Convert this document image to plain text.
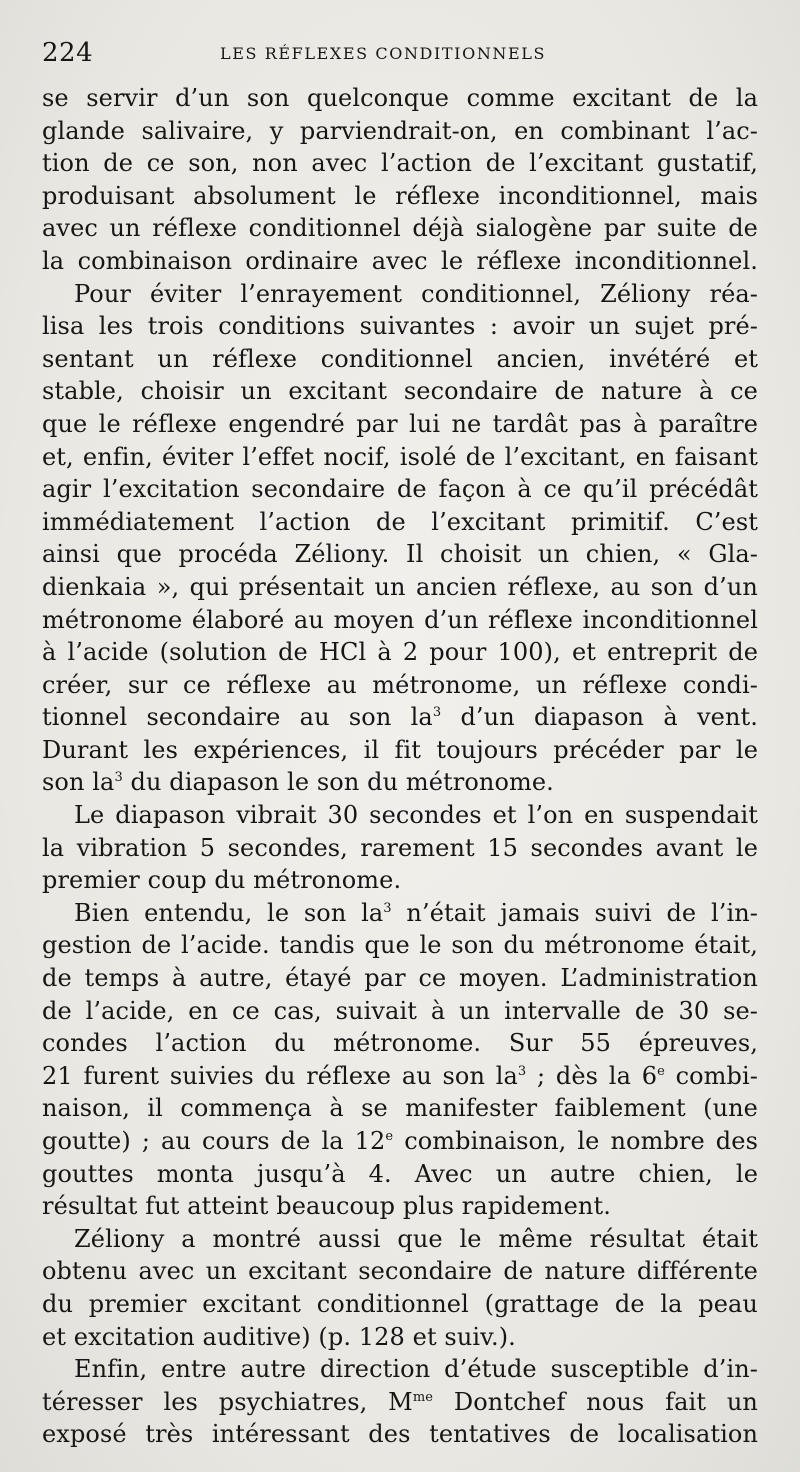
224	LES RÉFLEXES CONDITIONNELS
se servir d’un son quelconque comme excitant de la
glande salivaire, y parviendrait-on, en combinant l’ac-
tion de ce son, non avec l’action de l’excitant gustatif,
produisant absolument le réflexe inconditionnel, mais
avec un réflexe conditionnel déjà sialogène par suite de
la combinaison ordinaire avec le réflexe inconditionnel.
Pour éviter l’enrayement conditionnel, Zéliony réa-
lisa les trois conditions suivantes : avoir un sujet pré-
sentant un réflexe conditionnel ancien, invétéré et
stable, choisir un excitant secondaire de nature à ce
que le réflexe engendré par lui ne tardât pas à paraître
et, enfin, éviter l’effet nocif, isolé de l’excitant, en faisant
agir l’excitation secondaire de façon à ce qu’il précédât
immédiatement l’action de l’excitant primitif. C’est
ainsi que procéda Zéliony. Il choisit un chien, « Gla-
dienkaia », qui présentait un ancien réflexe, au son d’un
métronome élaboré au moyen d’un réflexe inconditionnel
à l’acide (solution de HCl à 2 pour 100), et entreprit de
créer, sur ce réflexe au métronome, un réflexe condi-
tionnel secondaire au son $la^3$ d’un diapason à vent.
Durant les expériences, il fit toujours précéder par le
son $la^3$ du diapason le son du métronome.
Le diapason vibrait 30 secondes et l’on en suspendait
la vibration 5 secondes, rarement 15 secondes avant le
premier coup du métronome.
Bien entendu, le son $la^3$ n’était jamais suivi de l’in-
gestion de l’acide. tandis que le son du métronome était,
de temps à autre, étayé par ce moyen. L’administration
de l’acide, en ce cas, suivait à un intervalle de 30 se-
condes l’action du métronome. Sur 55 épreuves,
21 furent suivies du réflexe au son $la^3$ ; dès la 6e combi-
naison, il commença à se manifester faiblement (une
goutte) ; au cours de la 12e combinaison, le nombre des
gouttes monta jusqu’à 4. Avec un autre chien, le
résultat fut atteint beaucoup plus rapidement.
Zéliony a montré aussi que le même résultat était
obtenu avec un excitant secondaire de nature différente
du premier excitant conditionnel (grattage de la peau
et excitation auditive) (p. 128 et suiv.).
Enfin, entre autre direction d’étude susceptible d’in-
téresser les psychiatres, $M^{me}$ Dontchef nous fait un
exposé très intéressant des tentatives de localisation
